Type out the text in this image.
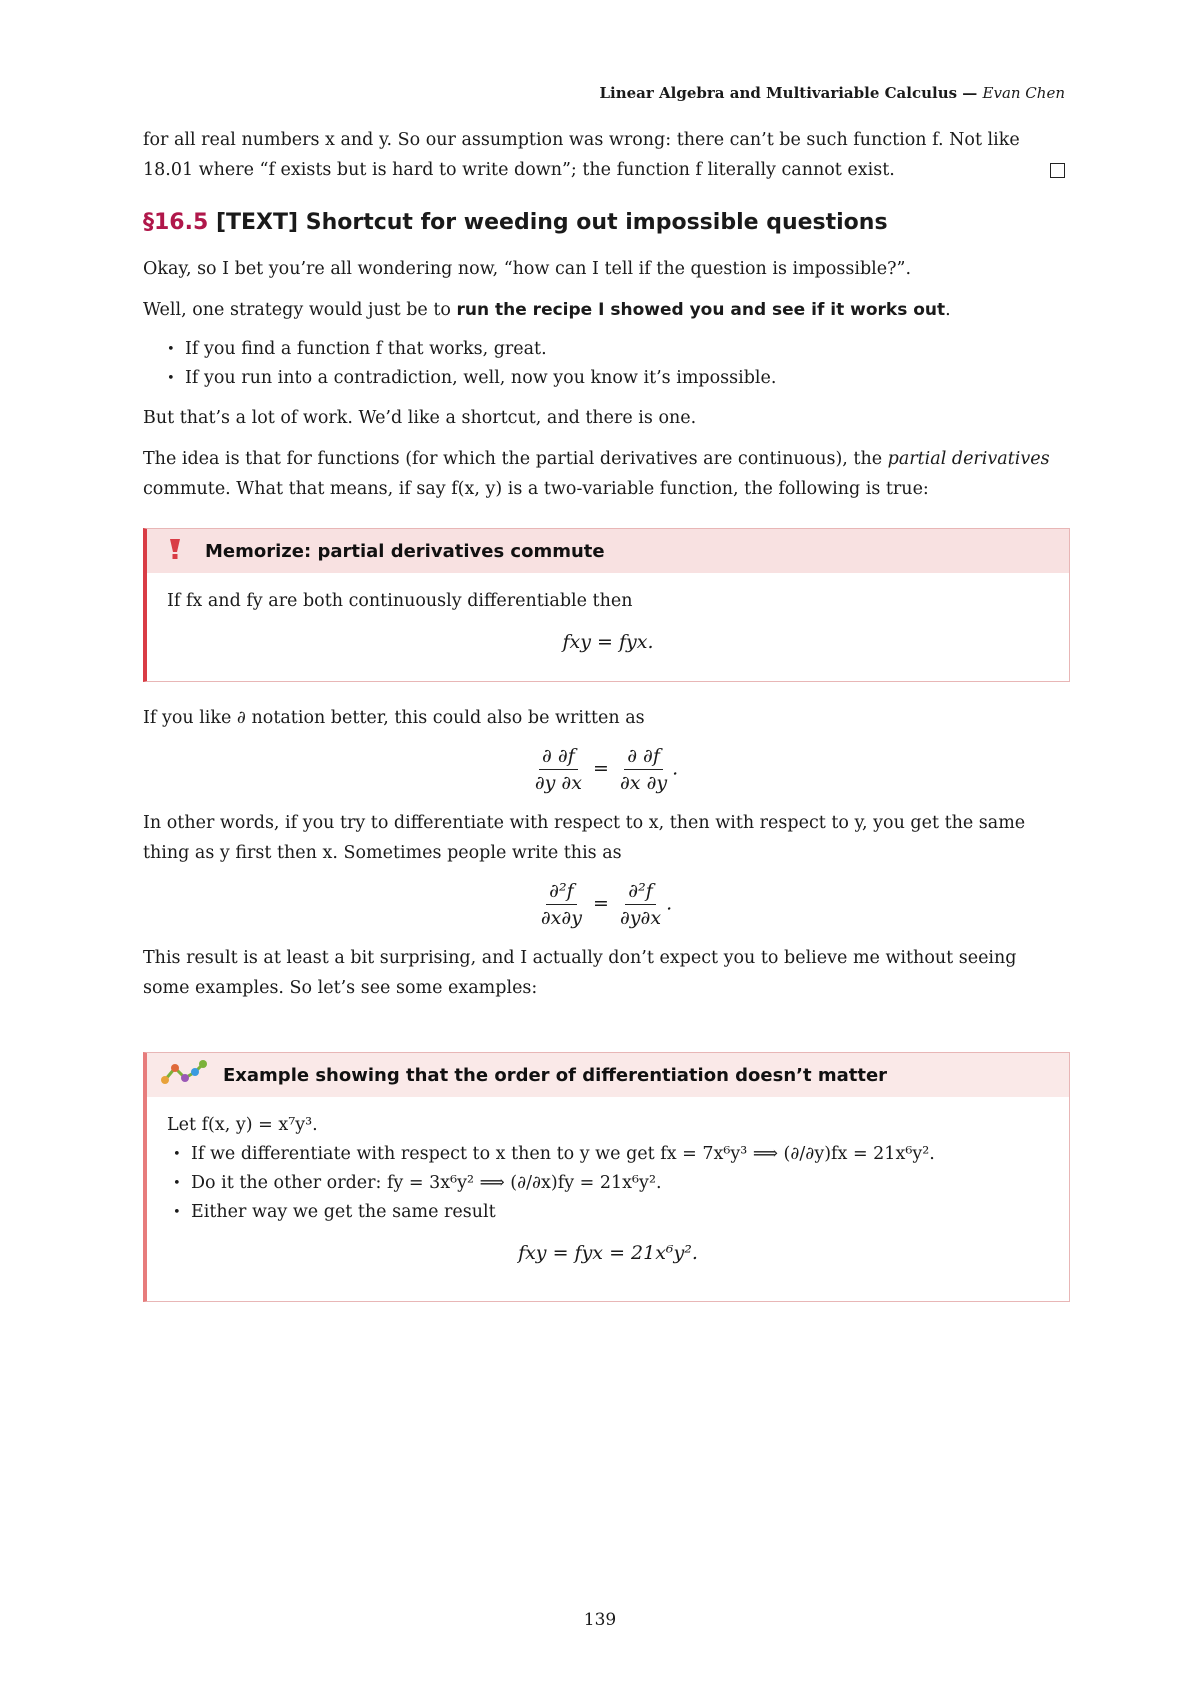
Linear Algebra and Multivariable Calculus — Evan Chen

for all real numbers x and y. So our assumption was wrong: there can’t be such function f. Not like

18.01 where “f exists but is hard to write down”; the function f literally cannot exist.

§16.5 [TEXT] Shortcut for weeding out impossible questions

Okay, so I bet you’re all wondering now, “how can I tell if the question is impossible?”.

Well, one strategy would just be to run the recipe I showed you and see if it works out.

• If you find a function f that works, great.
• If you run into a contradiction, well, now you know it’s impossible.

But that’s a lot of work. We’d like a shortcut, and there is one.

The idea is that for functions (for which the partial derivatives are continuous), the partial derivatives

commute. What that means, if say f(x, y) is a two-variable function, the following is true:

Memorize: partial derivatives commute
If fx and fy are both continuously differentiable then
fxy = fyx.

If you like ∂ notation better, this could also be written as

$\frac{\partial \partial f}{\partial y \partial x} = \frac{\partial \partial f}{\partial x \partial y}$ .

In other words, if you try to differentiate with respect to x, then with respect to y, you get the same

thing as y first then x. Sometimes people write this as

$\frac{\text{∂²f}}{\partial x\partial y} = \frac{\text{∂²f}}{\partial y\partial x}$ .

This result is at least a bit surprising, and I actually don’t expect you to believe me without seeing

some examples. So let’s see some examples:

Example showing that the order of differentiation doesn’t matter
Let f(x, y) = x⁷y³.
• If we differentiate with respect to x then to y we get fx = 7x⁶y³ ⟹ (∂/∂y)fx = 21x⁶y².
• Do it the other order: fy = 3x⁶y² ⟹ (∂/∂x)fy = 21x⁶y².
• Either way we get the same result
fxy = fyx = 21x⁶y².
139
